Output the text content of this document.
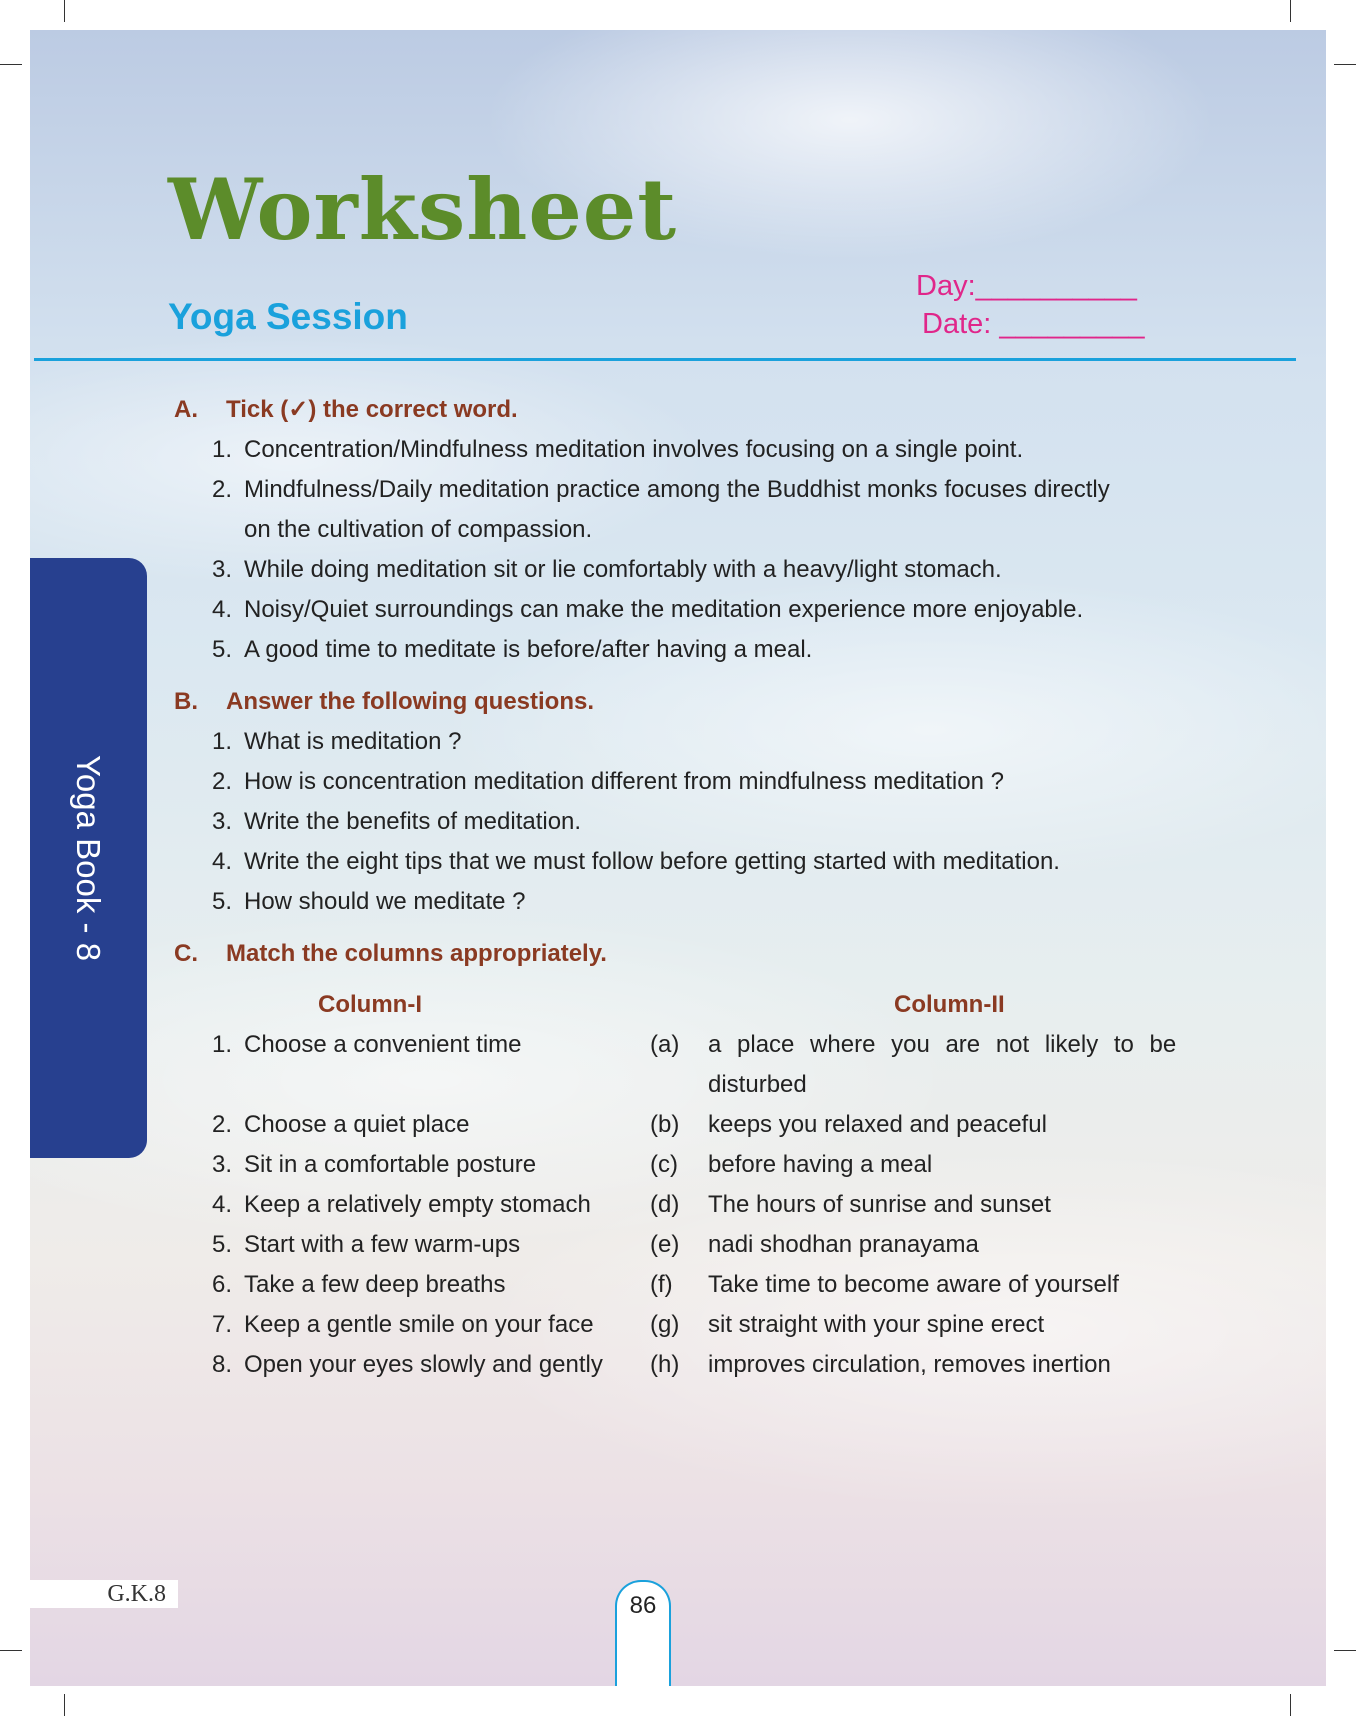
Worksheet
Yoga Session
Day:__________
Date: _________
Yoga Book - 8
A. Tick (✓) the correct word.
1. Concentration/Mindfulness meditation involves focusing on a single point.
2. Mindfulness/Daily meditation practice among the Buddhist monks focuses directly
on the cultivation of compassion.
3. While doing meditation sit or lie comfortably with a heavy/light stomach.
4. Noisy/Quiet surroundings can make the meditation experience more enjoyable.
5. A good time to meditate is before/after having a meal.
B. Answer the following questions.
1. What is meditation ?
2. How is concentration meditation different from mindfulness meditation ?
3. Write the benefits of meditation.
4. Write the eight tips that we must follow before getting started with meditation.
5. How should we meditate ?
C. Match the columns appropriately.
Column-I	Column-II
1. Choose a convenient time	(a) a place where you are not likely to be
disturbed
2. Choose a quiet place	(b) keeps you relaxed and peaceful
3. Sit in a comfortable posture	(c) before having a meal
4. Keep a relatively empty stomach (d) The hours of sunrise and sunset
5. Start with a few warm-ups	(e) nadi shodhan pranayama
6. Take a few deep breaths	(f) Take time to become aware of yourself
7. Keep a gentle smile on your face (g) sit straight with your spine erect
8. Open your eyes slowly and gently (h) improves circulation, removes inertion
G.K.8	86
